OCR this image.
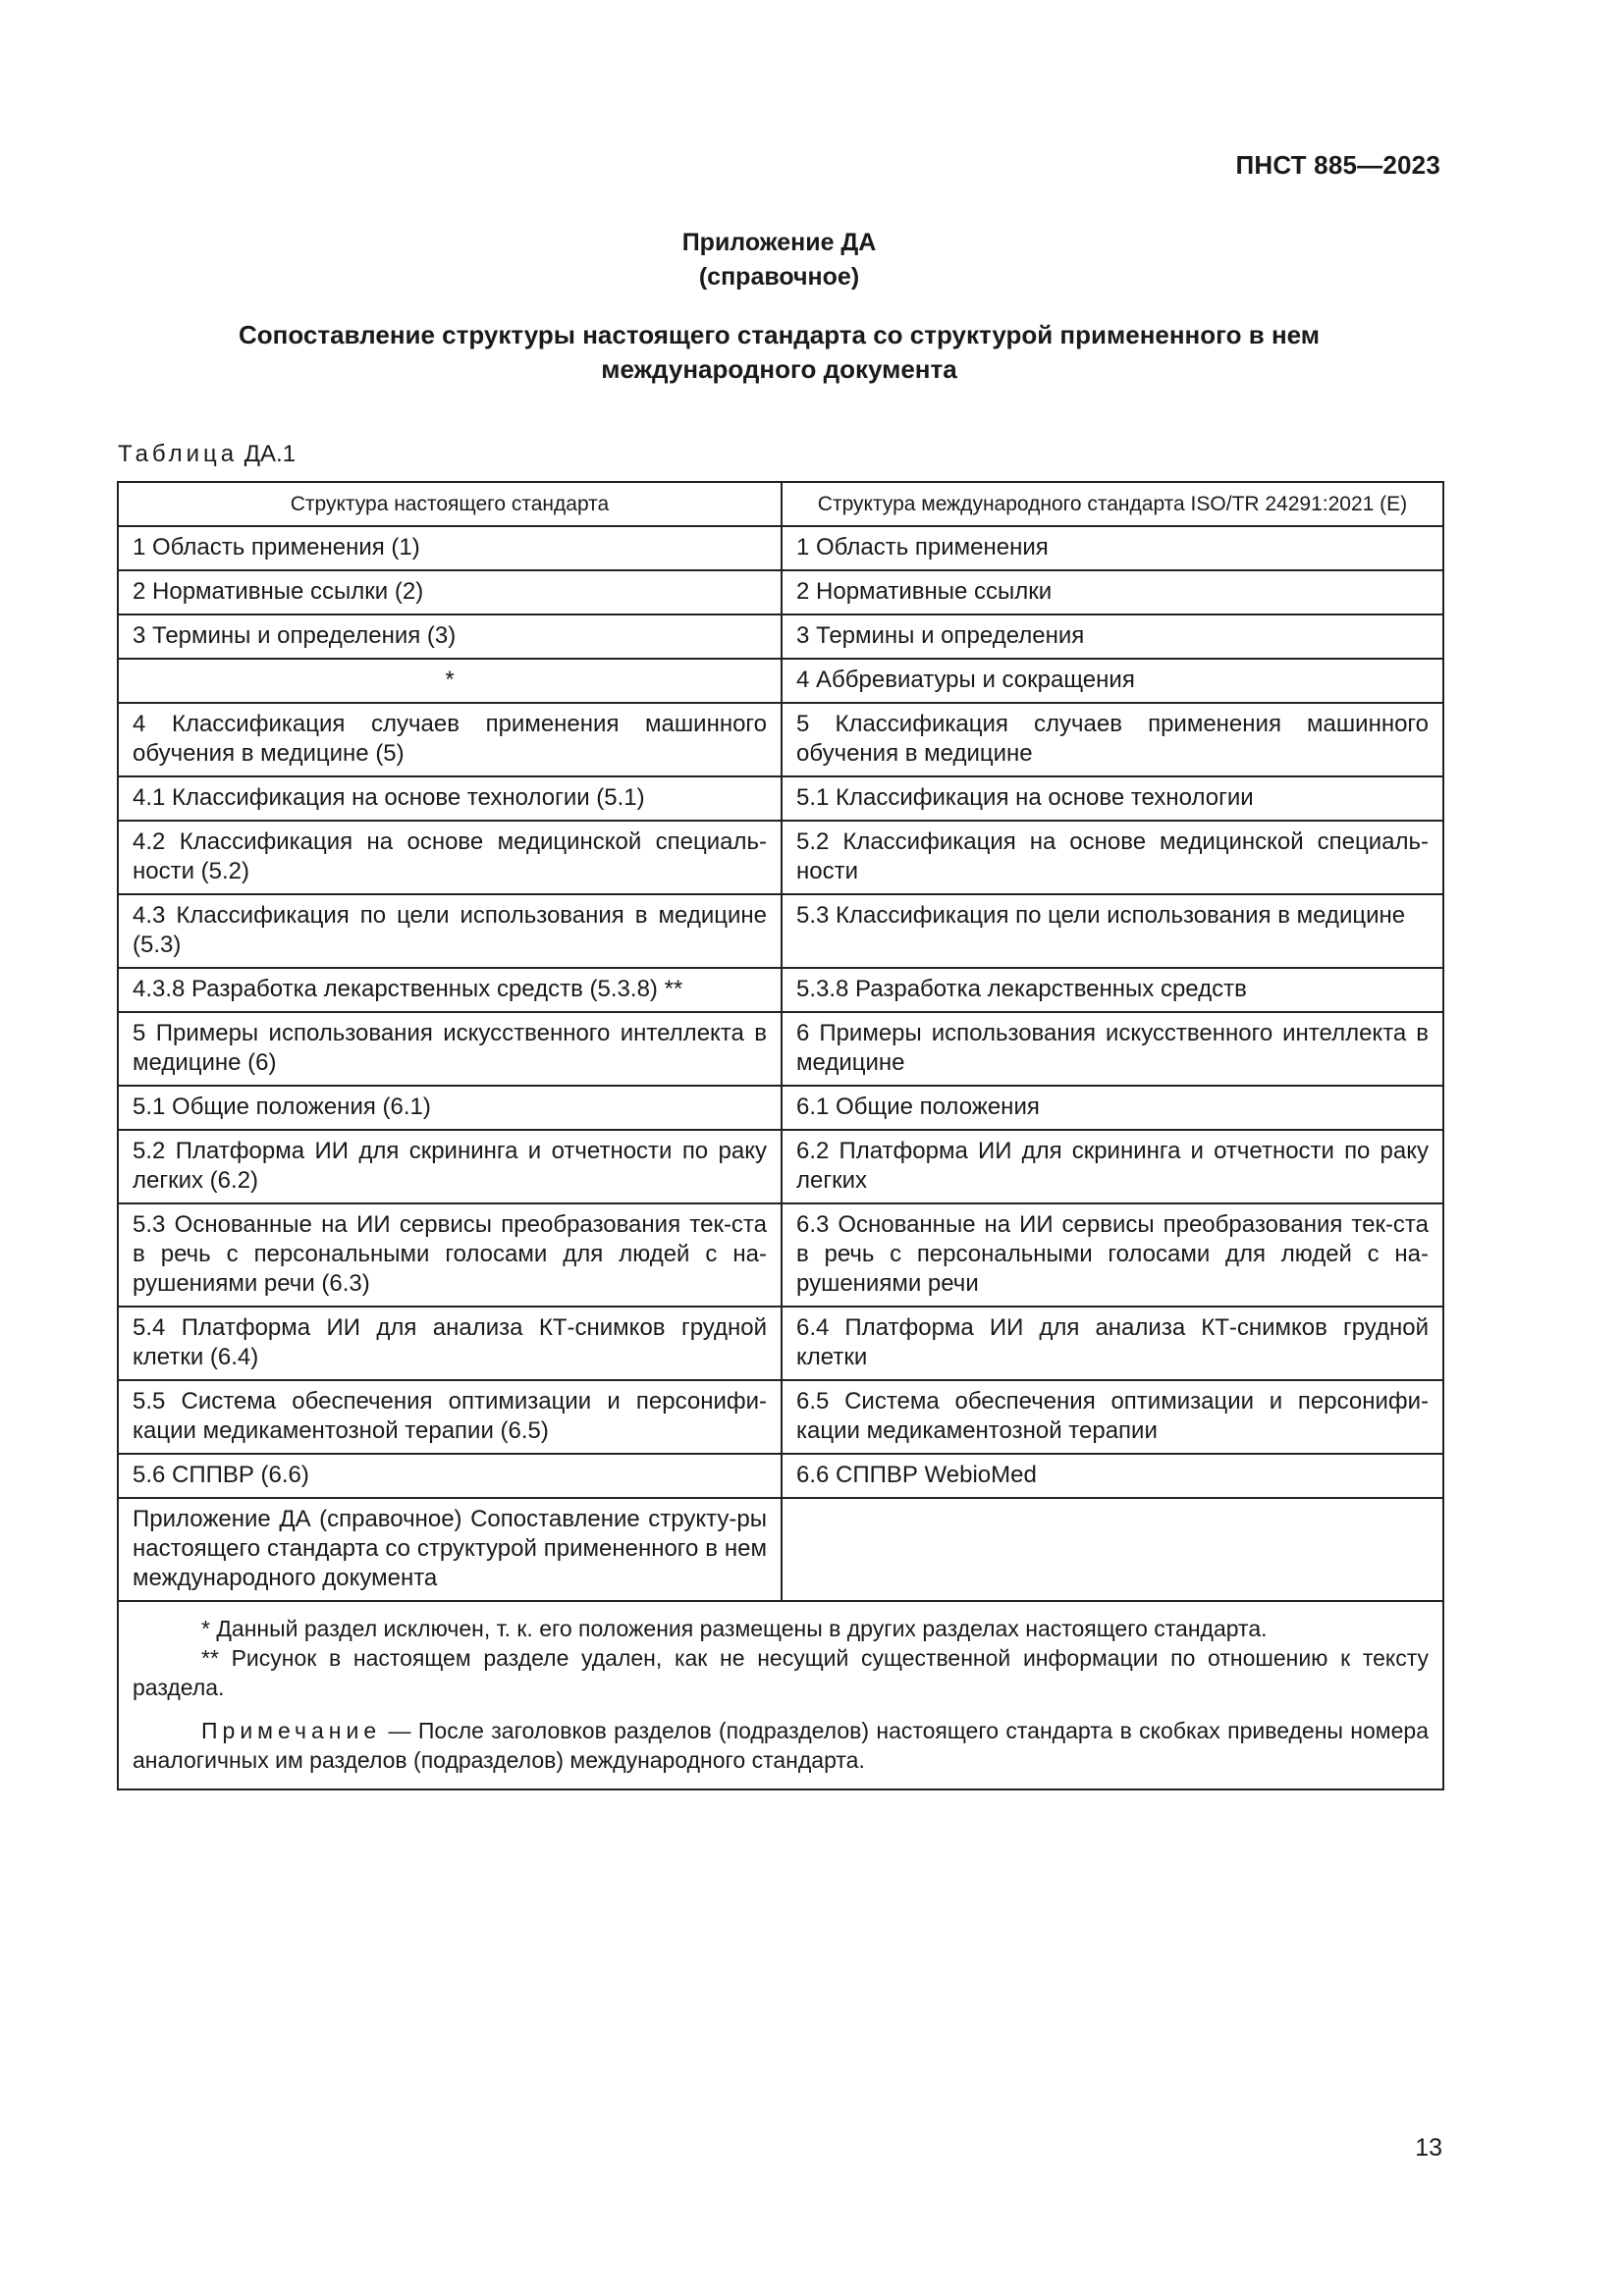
ПНСТ 885—2023
Приложение ДА
(справочное)
Сопоставление структуры настоящего стандарта со структурой примененного в нем
международного документа
Таблица ДА.1
Структура настоящего стандарта	Структура международного стандарта ISO/TR 24291:2021 (E)
1 Область применения (1)	1 Область применения
2 Нормативные ссылки (2)	2 Нормативные ссылки
3 Термины и определения (3)	3 Термины и определения
*	4 Аббревиатуры и сокращения
4 Классификация случаев применения машинного обучения в медицине (5)	5 Классификация случаев применения машинного обучения в медицине
4.1 Классификация на основе технологии (5.1)	5.1 Классификация на основе технологии
4.2 Классификация на основе медицинской специаль-ности (5.2)	5.2 Классификация на основе медицинской специаль-ности
4.3 Классификация по цели использования в медицине (5.3)	5.3 Классификация по цели использования в медицине
4.3.8 Разработка лекарственных средств (5.3.8) **	5.3.8 Разработка лекарственных средств
5 Примеры использования искусственного интеллекта в медицине (6)	6 Примеры использования искусственного интеллекта в медицине
5.1 Общие положения (6.1)	6.1 Общие положения
5.2 Платформа ИИ для скрининга и отчетности по раку легких (6.2)	6.2 Платформа ИИ для скрининга и отчетности по раку легких
5.3 Основанные на ИИ сервисы преобразования тек-ста в речь с персональными голосами для людей с на-рушениями речи (6.3)	6.3 Основанные на ИИ сервисы преобразования тек-ста в речь с персональными голосами для людей с на-рушениями речи
5.4 Платформа ИИ для анализа КТ-снимков грудной клетки (6.4)	6.4 Платформа ИИ для анализа КТ-снимков грудной клетки
5.5 Система обеспечения оптимизации и персонифи-кации медикаментозной терапии (6.5)	6.5 Система обеспечения оптимизации и персонифи-кации медикаментозной терапии
5.6 СППВР (6.6)	6.6 СППВР WebioMed
Приложение ДА (справочное) Сопоставление структу-ры настоящего стандарта со структурой примененного в нем международного документа	

* Данный раздел исключен, т. к. его положения размещены в других разделах настоящего стандарта.
** Рисунок в настоящем разделе удален, как не несущий существенной информации по отношению к тексту раздела.
Примечание — После заголовков разделов (подразделов) настоящего стандарта в скобках приведены номера аналогичных им разделов (подразделов) международного стандарта.	
13
